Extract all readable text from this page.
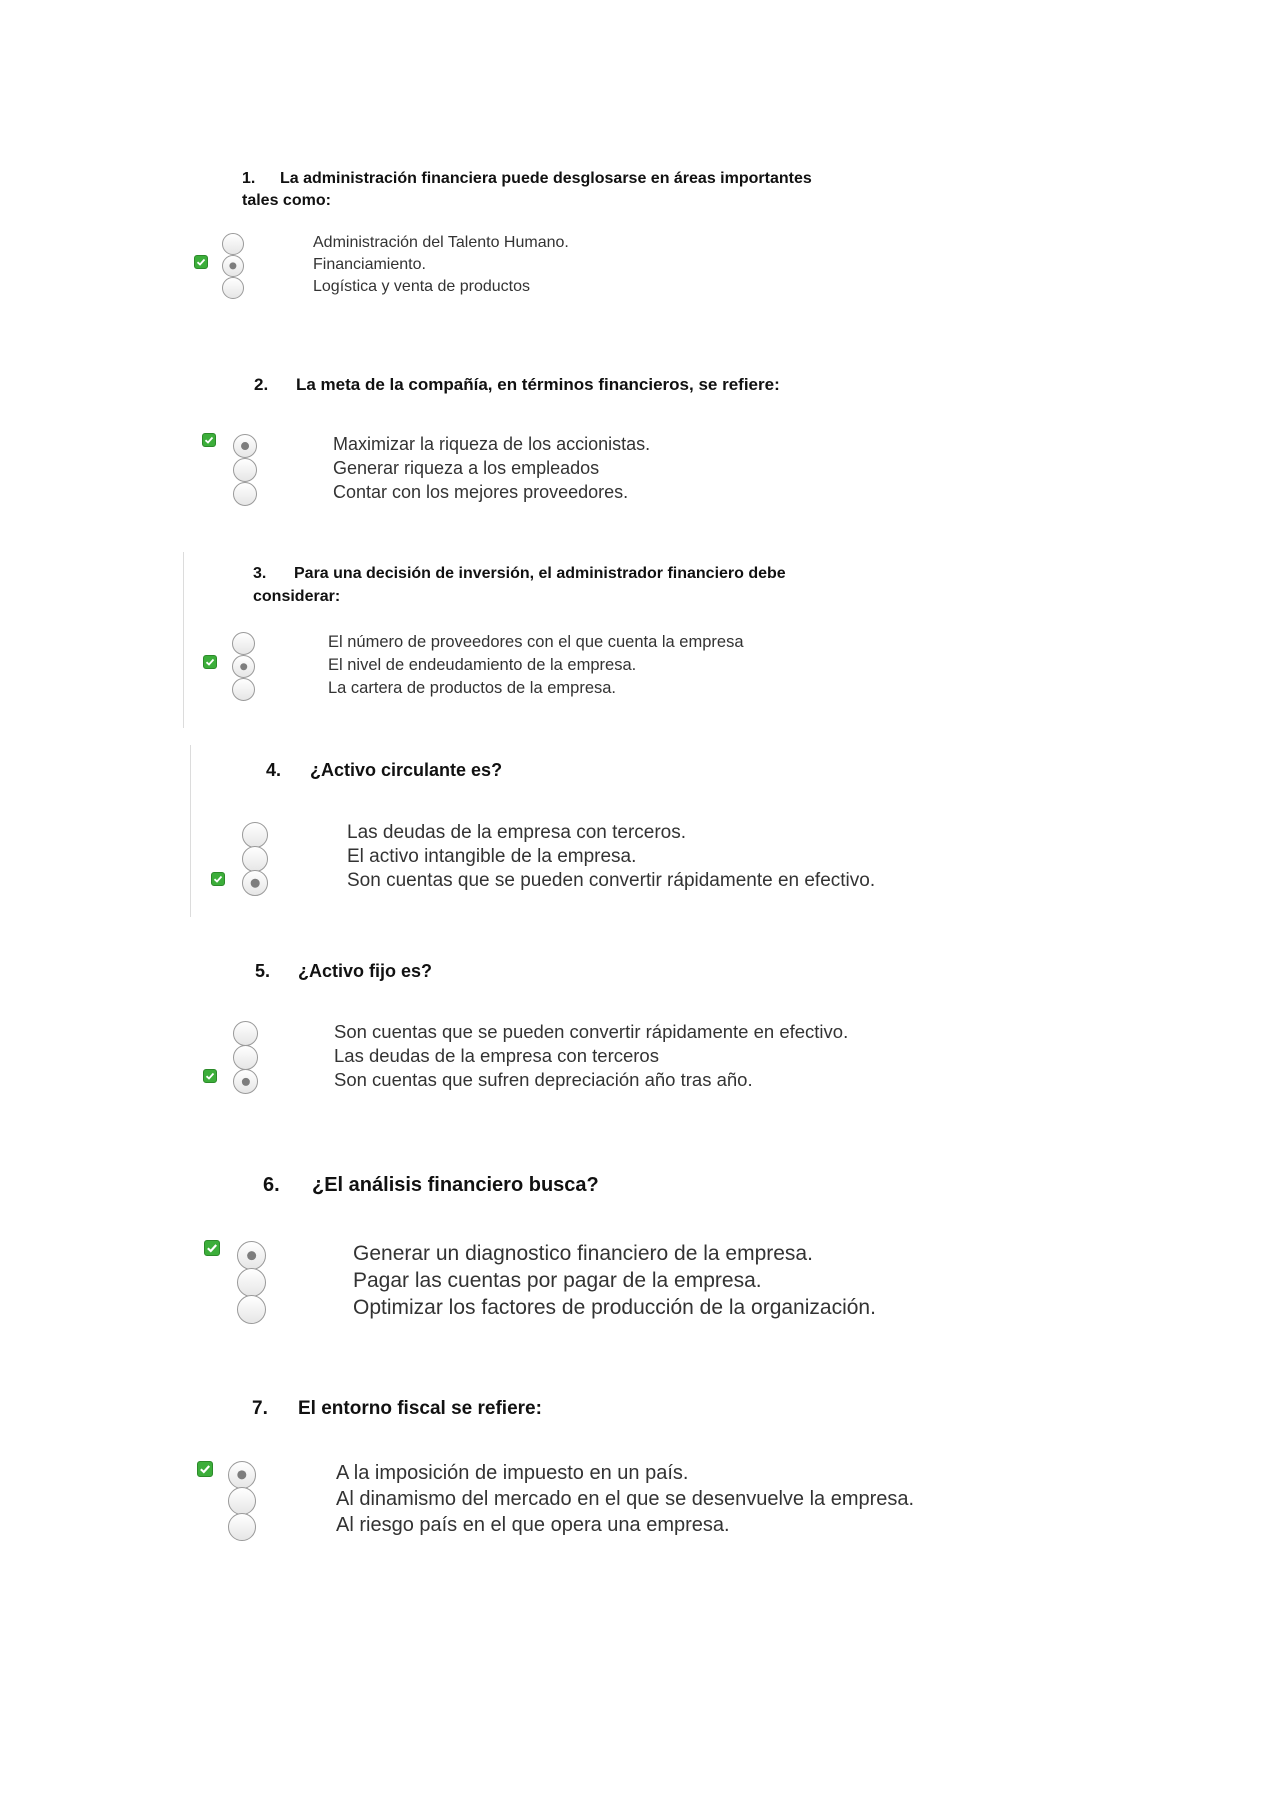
1. La administración financiera puede desglosarse en áreas importantes
tales como:
Administración del Talento Humano.
Financiamiento.
Logística y venta de productos
2. La meta de la compañía, en términos financieros, se refiere:
Maximizar la riqueza de los accionistas.
Generar riqueza a los empleados
Contar con los mejores proveedores.
3. Para una decisión de inversión, el administrador financiero debe
considerar:
El número de proveedores con el que cuenta la empresa
El nivel de endeudamiento de la empresa.
La cartera de productos de la empresa.
4. ¿Activo circulante es?
Las deudas de la empresa con terceros.
El activo intangible de la empresa.
Son cuentas que se pueden convertir rápidamente en efectivo.
5. ¿Activo fijo es?
Son cuentas que se pueden convertir rápidamente en efectivo.
Las deudas de la empresa con terceros
Son cuentas que sufren depreciación año tras año.
6. ¿El análisis financiero busca?
Generar un diagnostico financiero de la empresa.
Pagar las cuentas por pagar de la empresa.
Optimizar los factores de producción de la organización.
7. El entorno fiscal se refiere:
A la imposición de impuesto en un país.
Al dinamismo del mercado en el que se desenvuelve la empresa.
Al riesgo país en el que opera una empresa.
